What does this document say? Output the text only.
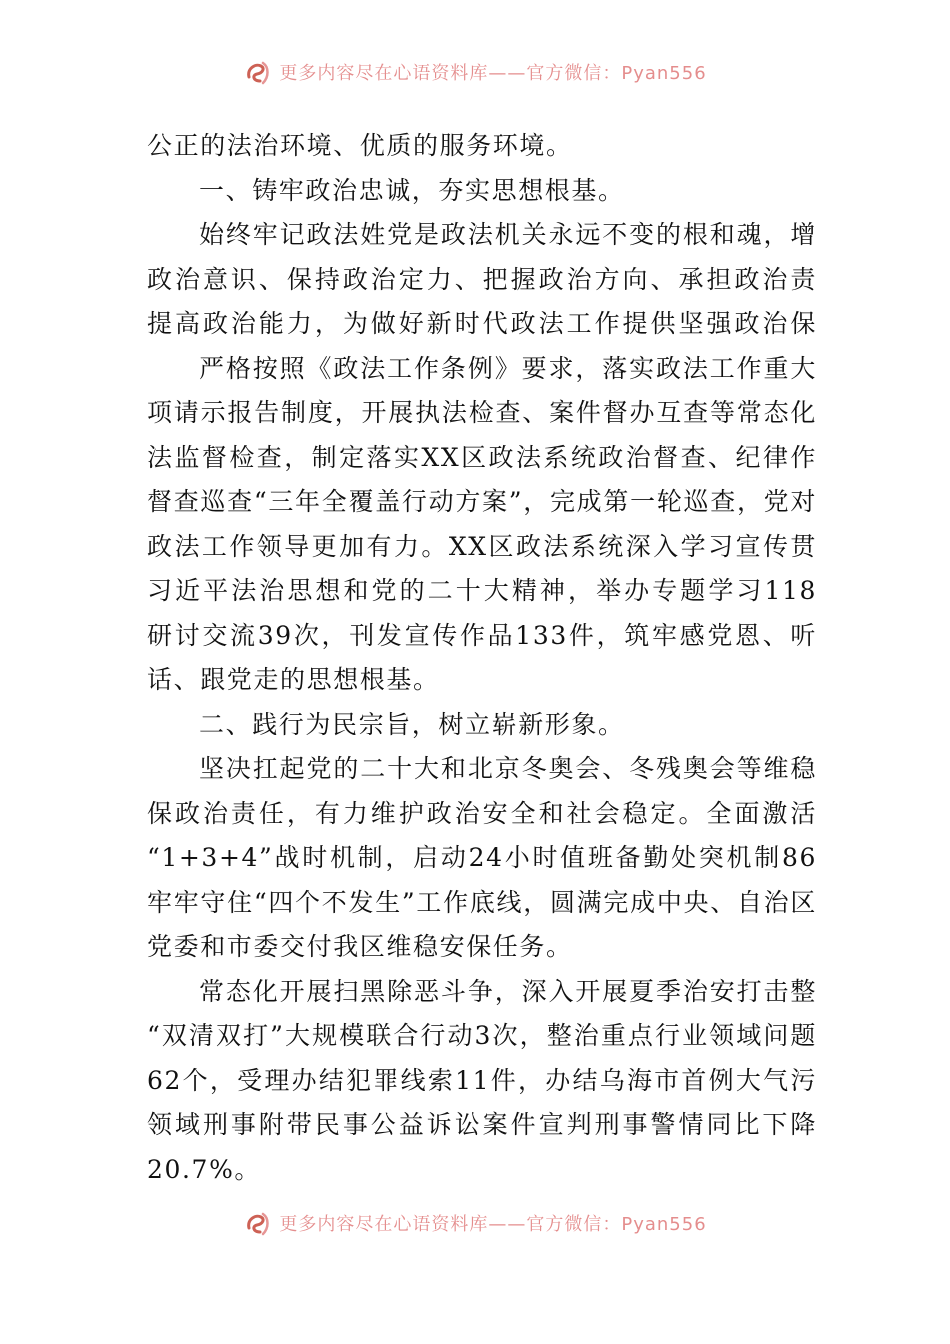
更多内容尽在心语资料库——官方微信：Pyan556
公正的法治环境、优质的服务环境。
一、铸牢政治忠诚，夯实思想根基。
始终牢记政法姓党是政法机关永远不变的根和魂，增
政治意识、保持政治定力、把握政治方向、承担政治责
提高政治能力，为做好新时代政法工作提供坚强政治保
严格按照《政法工作条例》要求，落实政法工作重大
项请示报告制度，开展执法检查、案件督办互查等常态化
法监督检查，制定落实XX区政法系统政治督查、纪律作
督查巡查“三年全覆盖行动方案”，完成第一轮巡查，党对
政法工作领导更加有力。XX区政法系统深入学习宣传贯
习近平法治思想和党的二十大精神，举办专题学习118
研讨交流39次，刊发宣传作品133件，筑牢感党恩、听
话、跟党走的思想根基。
二、践行为民宗旨，树立崭新形象。
坚决扛起党的二十大和北京冬奥会、冬残奥会等维稳
保政治责任，有力维护政治安全和社会稳定。全面激活
“1+3+4”战时机制，启动24小时值班备勤处突机制86
牢牢守住“四个不发生”工作底线，圆满完成中央、自治区
党委和市委交付我区维稳安保任务。
常态化开展扫黑除恶斗争，深入开展夏季治安打击整
“双清双打”大规模联合行动3次，整治重点行业领域问题
62个，受理办结犯罪线索11件，办结乌海市首例大气污
领域刑事附带民事公益诉讼案件宣判刑事警情同比下降
20.7%。
更多内容尽在心语资料库——官方微信：Pyan556
